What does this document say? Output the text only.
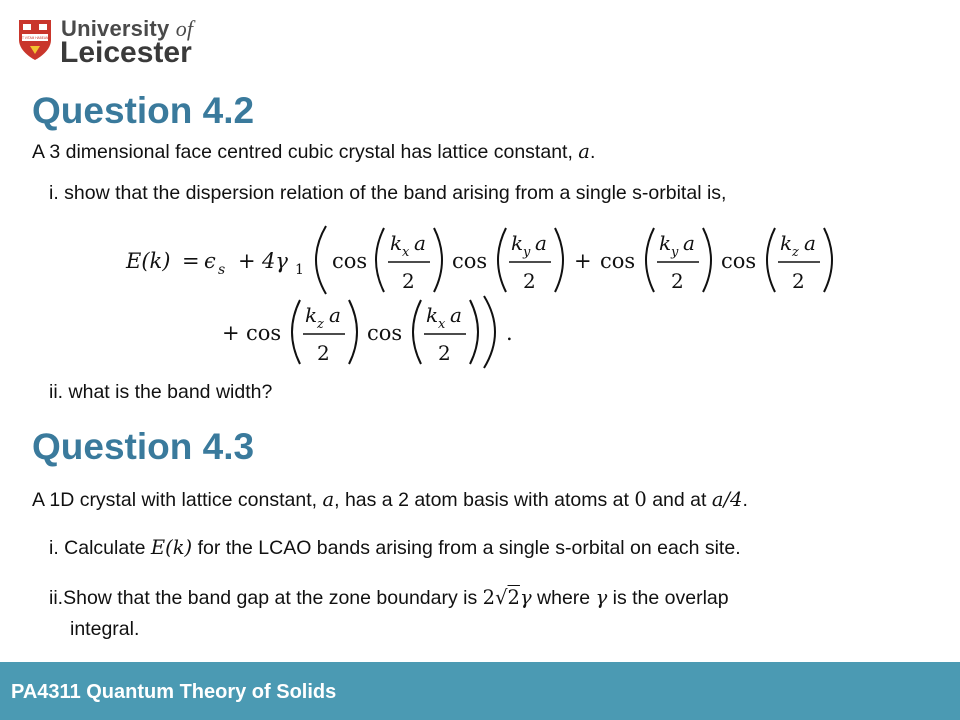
UT VITAM HABEANT University of
Leicester
Question 4.2
A 3 dimensional face centred cubic crystal has lattice constant, a.
i. show that the dispersion relation of the band arising from a single s-orbital is,
E(k) = ϵ s + 4γ 1 cos
k x a
2
cos
k y a
2
+ cos
k y a
2
cos
k z a
2
+ cos
k z a
2
cos
k x a
2
.
ii. what is the band width?
Question 4.3
A 1D crystal with lattice constant, a, has a 2 atom basis with atoms at 0 and at a/4.
i. Calculate E(k) for the LCAO bands arising from a single s-orbital on each site.
ii.Show that the band gap at the zone boundary is 2√2γ where γ is the overlap
integral.
PA4311 Quantum Theory of Solids
